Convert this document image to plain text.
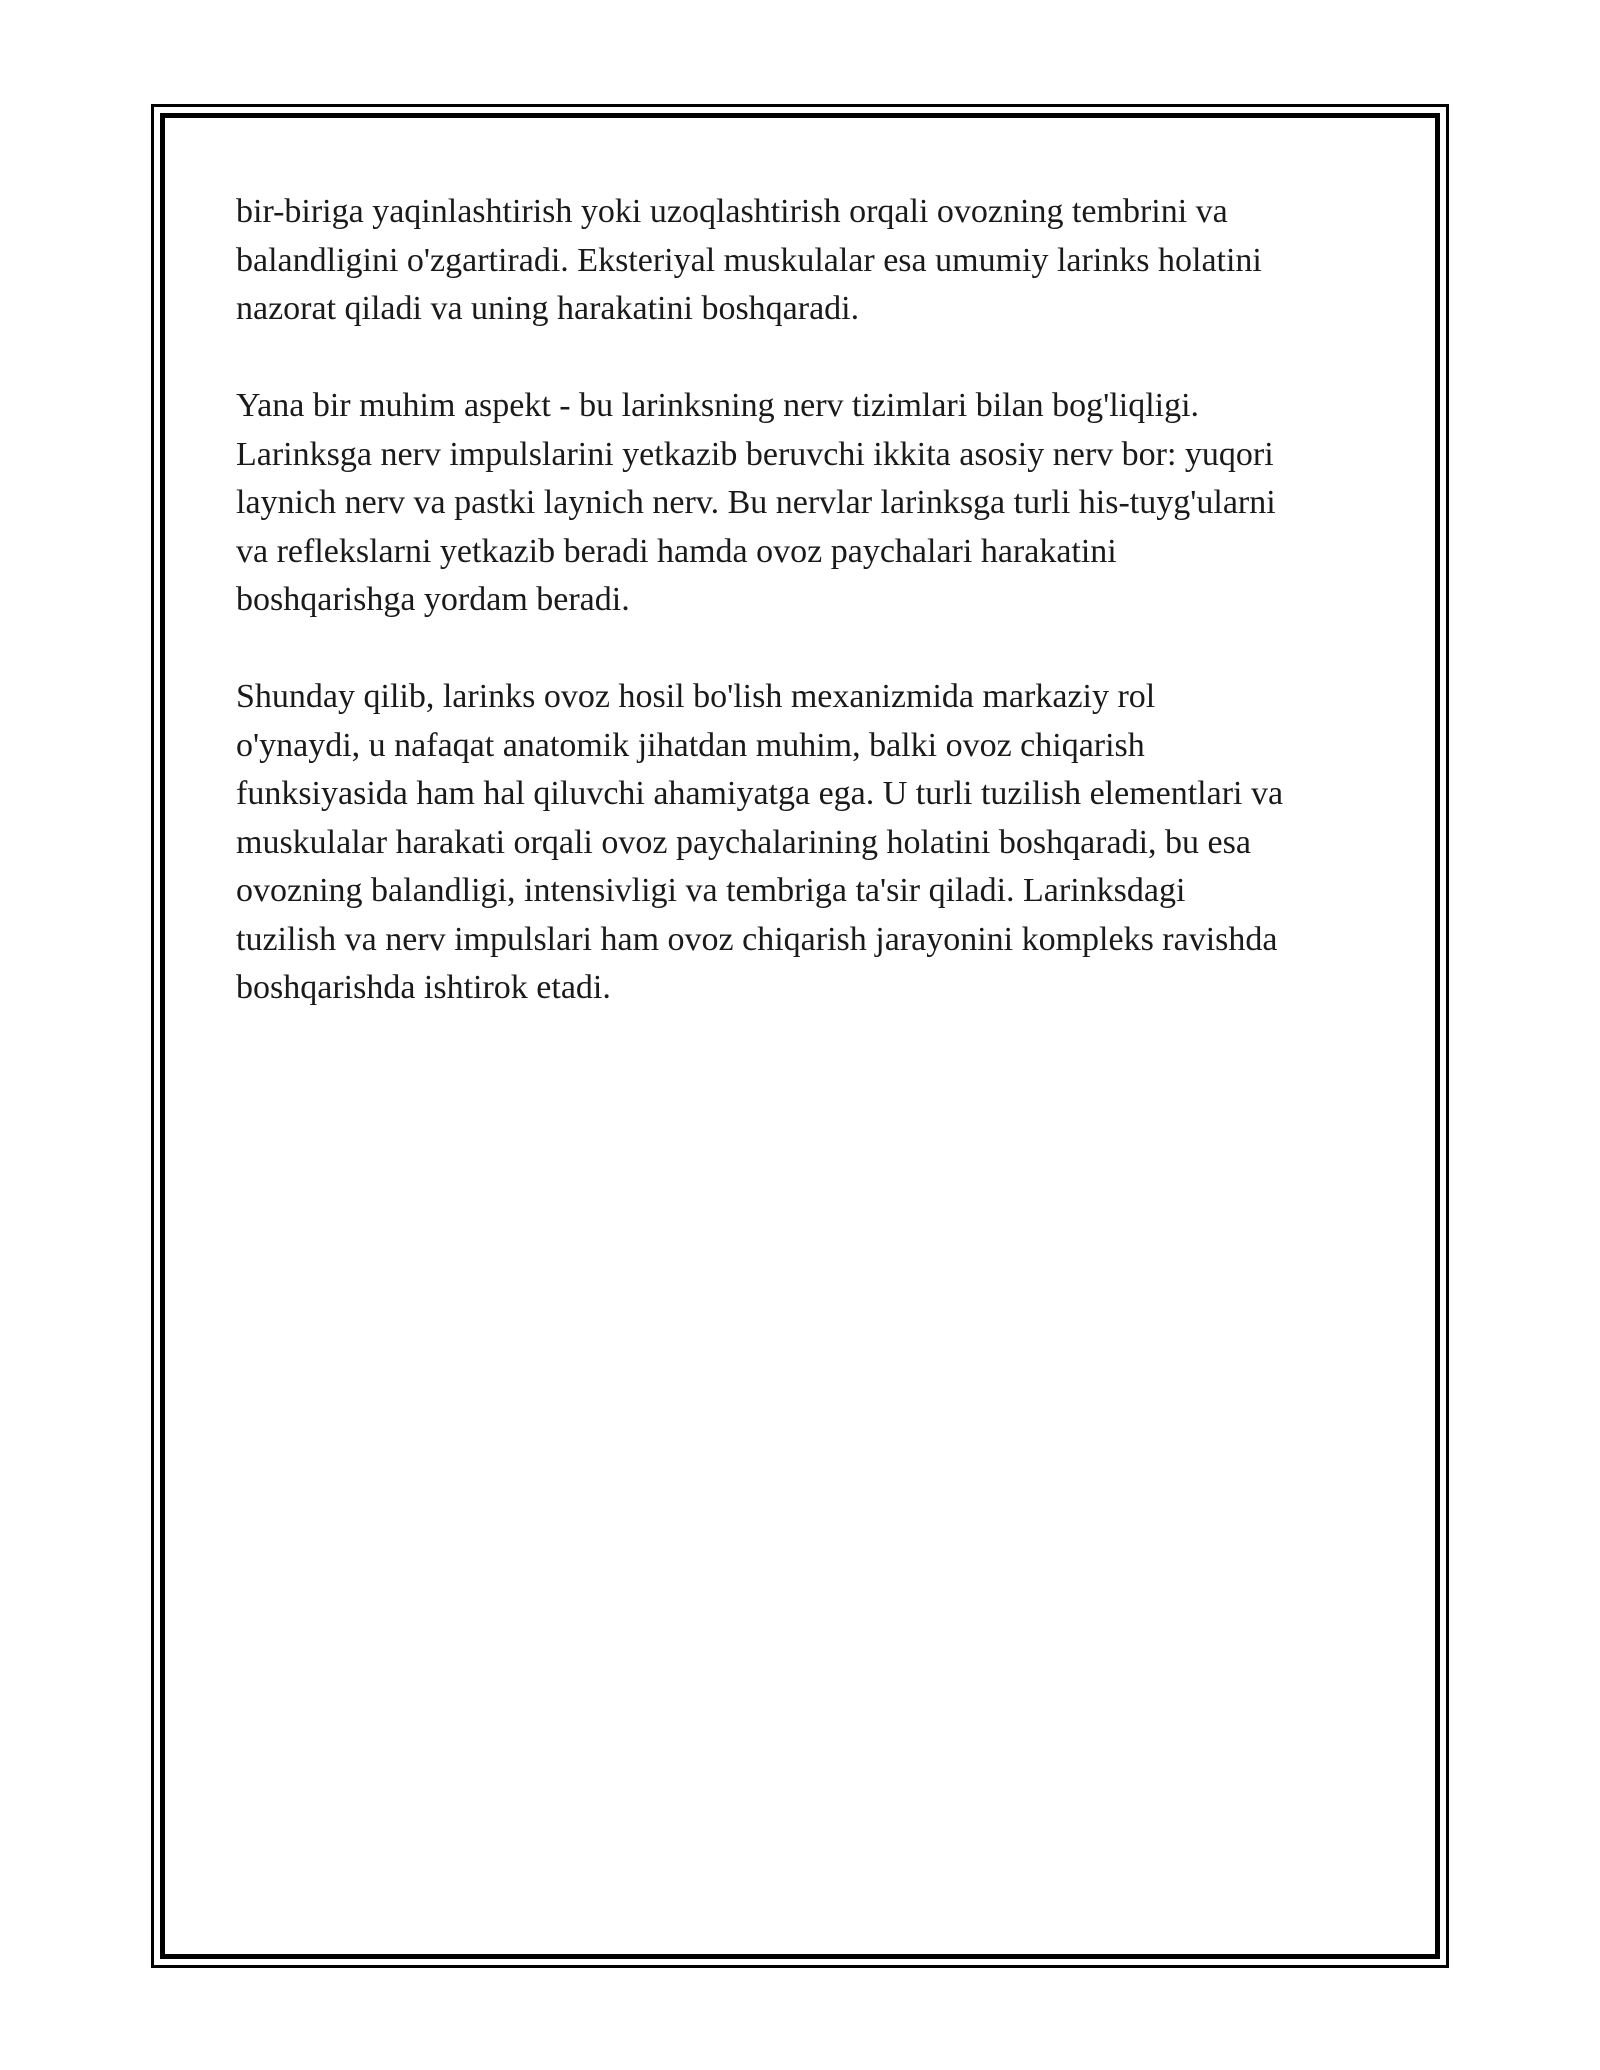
bir-biriga yaqinlashtirish yoki uzoqlashtirish orqali ovozning tembrini va
balandligini o'zgartiradi. Eksteriyal muskulalar esa umumiy larinks holatini
nazorat qiladi va uning harakatini boshqaradi.

Yana bir muhim aspekt - bu larinksning nerv tizimlari bilan bog'liqligi.
Larinksga nerv impulslarini yetkazib beruvchi ikkita asosiy nerv bor: yuqori
laynich nerv va pastki laynich nerv. Bu nervlar larinksga turli his-tuyg'ularni
va reflekslarni yetkazib beradi hamda ovoz paychalari harakatini
boshqarishga yordam beradi.

Shunday qilib, larinks ovoz hosil bo'lish mexanizmida markaziy rol
o'ynaydi, u nafaqat anatomik jihatdan muhim, balki ovoz chiqarish
funksiyasida ham hal qiluvchi ahamiyatga ega. U turli tuzilish elementlari va
muskulalar harakati orqali ovoz paychalarining holatini boshqaradi, bu esa
ovozning balandligi, intensivligi va tembriga ta'sir qiladi. Larinksdagi
tuzilish va nerv impulslari ham ovoz chiqarish jarayonini kompleks ravishda
boshqarishda ishtirok etadi.
